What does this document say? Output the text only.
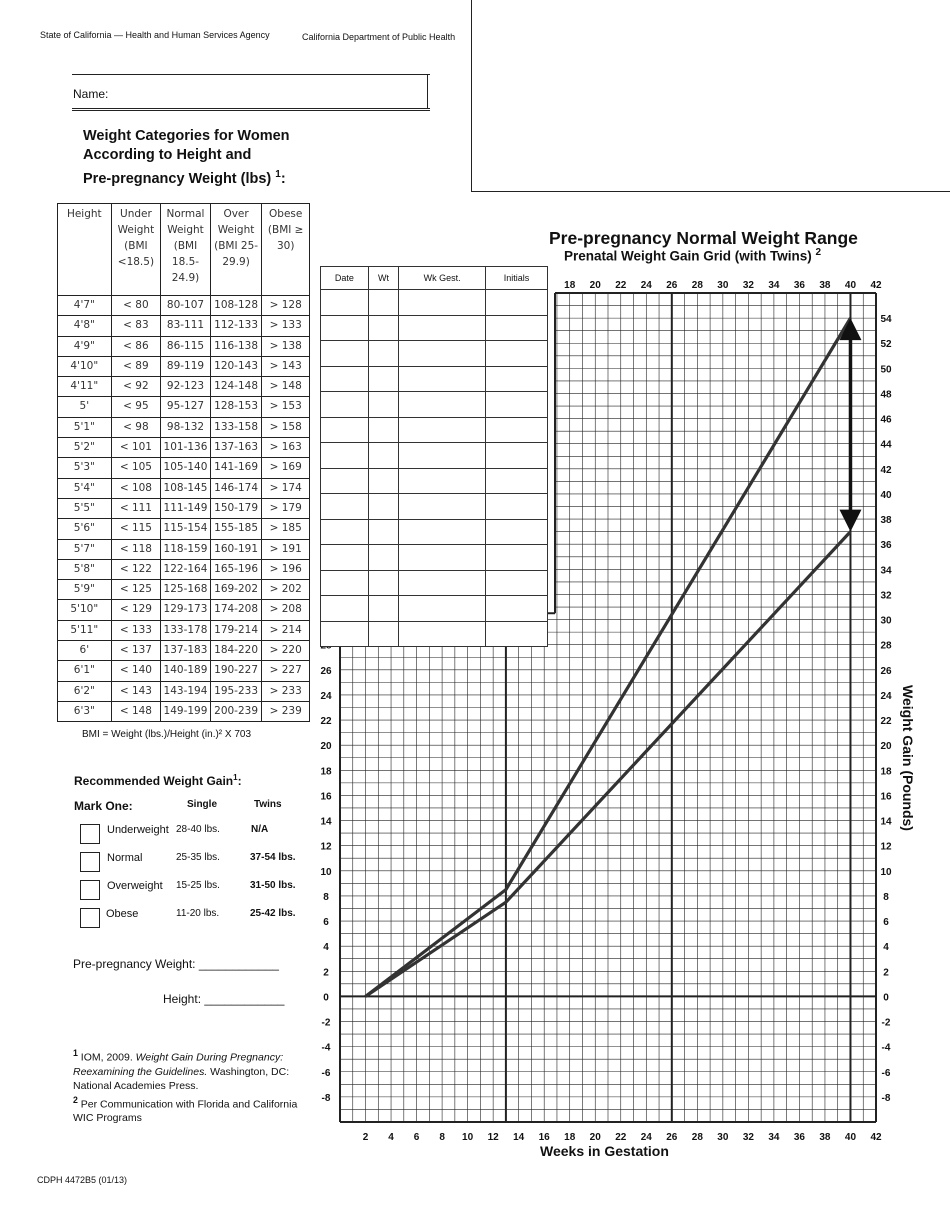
State of California — Health and Human Services Agency	California Department of Public Health
Name:
Weight Categories for Women
According to Height and
Pre-pregnancy Weight (lbs) $^1$:
Height	Under Weight (BMI <18.5)	Normal Weight (BMI 18.5-24.9)	Over Weight (BMI 25-29.9)	Obese (BMI ≥ 30)
4'7"	< 80	80-107	108-128	> 128
4'8"	< 83	83-111	112-133	> 133
4'9"	< 86	86-115	116-138	> 138
4'10"	< 89	89-119	120-143	> 143
4'11"	< 92	92-123	124-148	> 148
5'	< 95	95-127	128-153	> 153
5'1"	< 98	98-132	133-158	> 158
5'2"	< 101	101-136	137-163	> 163
5'3"	< 105	105-140	141-169	> 169
5'4"	< 108	108-145	146-174	> 174
5'5"	< 111	111-149	150-179	> 179
5'6"	< 115	115-154	155-185	> 185
5'7"	< 118	118-159	160-191	> 191
5'8"	< 122	122-164	165-196	> 196
5'9"	< 125	125-168	169-202	> 202
5'10"	< 129	129-173	174-208	> 208
5'11"	< 133	133-178	179-214	> 214
6'	< 137	137-183	184-220	> 220
6'1"	< 140	140-189	190-227	> 227
6'2"	< 143	143-194	195-233	> 233
6'3"	< 148	149-199	200-239	> 239
BMI = Weight (lbs.)/Height (in.)² X 703
Recommended Weight Gain$^1$:
Mark One:	Single	Twins
Underweight 28-40 lbs.	N/A
Normal	25-35 lbs.	37-54 lbs.
Overweight 15-25 lbs.	31-50 lbs.
Obese	11-20 lbs.	25-42 lbs.
Pre-pregnancy Weight: ____________
Height: ____________
$^1$ IOM, 2009. Weight Gain During Pregnancy: Reexamining the Guidelines. Washington, DC: National Academies Press.
$^2$ Per Communication with Florida and California WIC Programs
CDPH 4472B5 (01/13)
Pre-pregnancy Normal Weight Range
Prenatal Weight Gain Grid (with Twins) $^2$
2 4 6 8 10 12 14 16 18 20 22 24 26 28 30 32 34 36 38 40 42
18 20 22 24 26 28 30 32 34 36 38 40 42
54
52
50
48
46
44
42
40
38
36
34
32
30
28
26
24
22
20
18
16
14
12
10
8
6
4
2
0
-2
-4
-6
-8
26
24
22
20
18
16
14
12
10
8
6
4
2
0
-2
-4
-6
-8
Date	Wt	Wk Gest.	Initials

Weeks in Gestation
Weight Gain (Pounds)
